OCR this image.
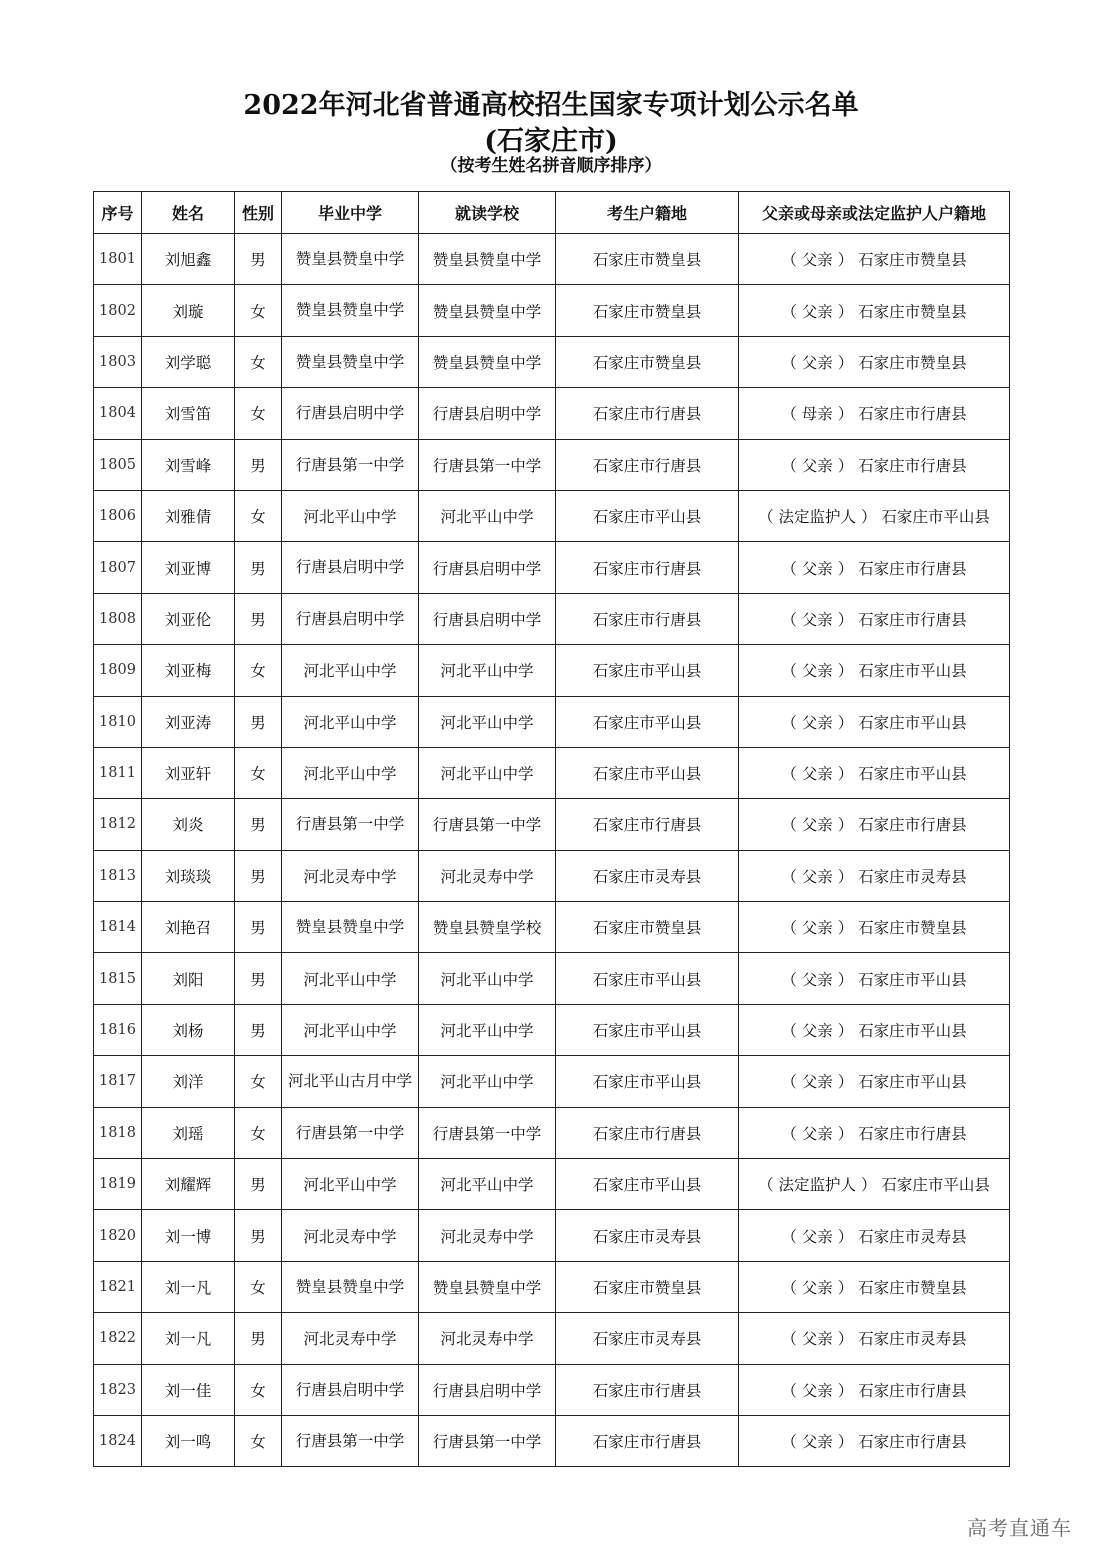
2022年河北省普通高校招生国家专项计划公示名单
(石家庄市)
（按考生姓名拼音顺序排序）
序号	姓名	性别	毕业中学	就读学校	考生户籍地	父亲或母亲或法定监护人户籍地
1801	刘旭鑫	男	赞皇县赞皇中学	赞皇县赞皇中学	石家庄市赞皇县	（ 父亲 ） 石家庄市赞皇县
1802	刘璇	女	赞皇县赞皇中学	赞皇县赞皇中学	石家庄市赞皇县	（ 父亲 ） 石家庄市赞皇县
1803	刘学聪	女	赞皇县赞皇中学	赞皇县赞皇中学	石家庄市赞皇县	（ 父亲 ） 石家庄市赞皇县
1804	刘雪笛	女	行唐县启明中学	行唐县启明中学	石家庄市行唐县	（ 母亲 ） 石家庄市行唐县
1805	刘雪峰	男	行唐县第一中学	行唐县第一中学	石家庄市行唐县	（ 父亲 ） 石家庄市行唐县
1806	刘雅倩	女	河北平山中学	河北平山中学	石家庄市平山县	（ 法定监护人 ） 石家庄市平山县
1807	刘亚博	男	行唐县启明中学	行唐县启明中学	石家庄市行唐县	（ 父亲 ） 石家庄市行唐县
1808	刘亚伦	男	行唐县启明中学	行唐县启明中学	石家庄市行唐县	（ 父亲 ） 石家庄市行唐县
1809	刘亚梅	女	河北平山中学	河北平山中学	石家庄市平山县	（ 父亲 ） 石家庄市平山县
1810	刘亚涛	男	河北平山中学	河北平山中学	石家庄市平山县	（ 父亲 ） 石家庄市平山县
1811	刘亚轩	女	河北平山中学	河北平山中学	石家庄市平山县	（ 父亲 ） 石家庄市平山县
1812	刘炎	男	行唐县第一中学	行唐县第一中学	石家庄市行唐县	（ 父亲 ） 石家庄市行唐县
1813	刘琰琰	男	河北灵寿中学	河北灵寿中学	石家庄市灵寿县	（ 父亲 ） 石家庄市灵寿县
1814	刘艳召	男	赞皇县赞皇中学	赞皇县赞皇学校	石家庄市赞皇县	（ 父亲 ） 石家庄市赞皇县
1815	刘阳	男	河北平山中学	河北平山中学	石家庄市平山县	（ 父亲 ） 石家庄市平山县
1816	刘杨	男	河北平山中学	河北平山中学	石家庄市平山县	（ 父亲 ） 石家庄市平山县
1817	刘洋	女	河北平山古月中学	河北平山中学	石家庄市平山县	（ 父亲 ） 石家庄市平山县
1818	刘瑶	女	行唐县第一中学	行唐县第一中学	石家庄市行唐县	（ 父亲 ） 石家庄市行唐县
1819	刘耀辉	男	河北平山中学	河北平山中学	石家庄市平山县	（ 法定监护人 ） 石家庄市平山县
1820	刘一博	男	河北灵寿中学	河北灵寿中学	石家庄市灵寿县	（ 父亲 ） 石家庄市灵寿县
1821	刘一凡	女	赞皇县赞皇中学	赞皇县赞皇中学	石家庄市赞皇县	（ 父亲 ） 石家庄市赞皇县
1822	刘一凡	男	河北灵寿中学	河北灵寿中学	石家庄市灵寿县	（ 父亲 ） 石家庄市灵寿县
1823	刘一佳	女	行唐县启明中学	行唐县启明中学	石家庄市行唐县	（ 父亲 ） 石家庄市行唐县
1824	刘一鸣	女	行唐县第一中学	行唐县第一中学	石家庄市行唐县	（ 父亲 ） 石家庄市行唐县
高考直通车
